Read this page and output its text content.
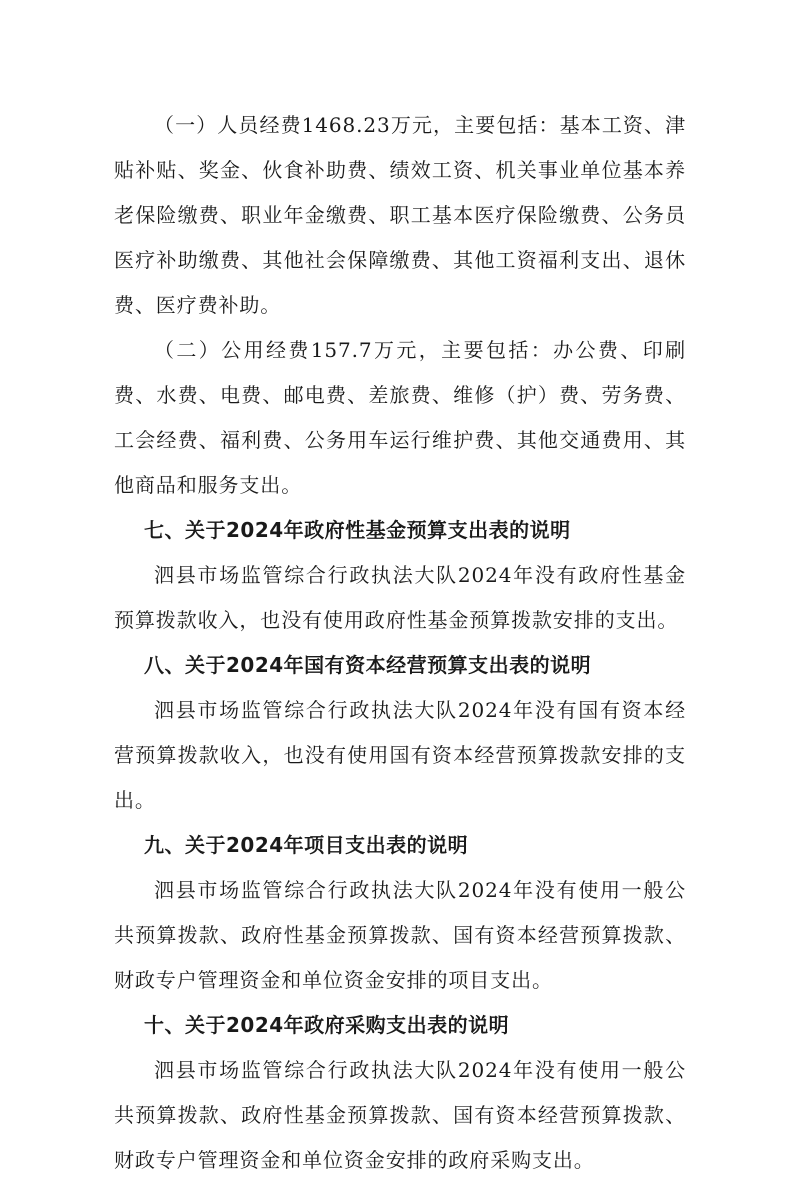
（一）人员经费1468.23万元，主要包括：基本工资、津贴补贴、奖金、伙食补助费、绩效工资、机关事业单位基本养老保险缴费、职业年金缴费、职工基本医疗保险缴费、公务员医疗补助缴费、其他社会保障缴费、其他工资福利支出、退休费、医疗费补助。

（二）公用经费157.7万元，主要包括：办公费、印刷费、水费、电费、邮电费、差旅费、维修（护）费、劳务费、工会经费、福利费、公务用车运行维护费、其他交通费用、其他商品和服务支出。

七、关于2024年政府性基金预算支出表的说明

泗县市场监管综合行政执法大队2024年没有政府性基金预算拨款收入，也没有使用政府性基金预算拨款安排的支出。

八、关于2024年国有资本经营预算支出表的说明

泗县市场监管综合行政执法大队2024年没有国有资本经营预算拨款收入，也没有使用国有资本经营预算拨款安排的支出。

九、关于2024年项目支出表的说明

泗县市场监管综合行政执法大队2024年没有使用一般公共预算拨款、政府性基金预算拨款、国有资本经营预算拨款、财政专户管理资金和单位资金安排的项目支出。

十、关于2024年政府采购支出表的说明

泗县市场监管综合行政执法大队2024年没有使用一般公共预算拨款、政府性基金预算拨款、国有资本经营预算拨款、财政专户管理资金和单位资金安排的政府采购支出。
